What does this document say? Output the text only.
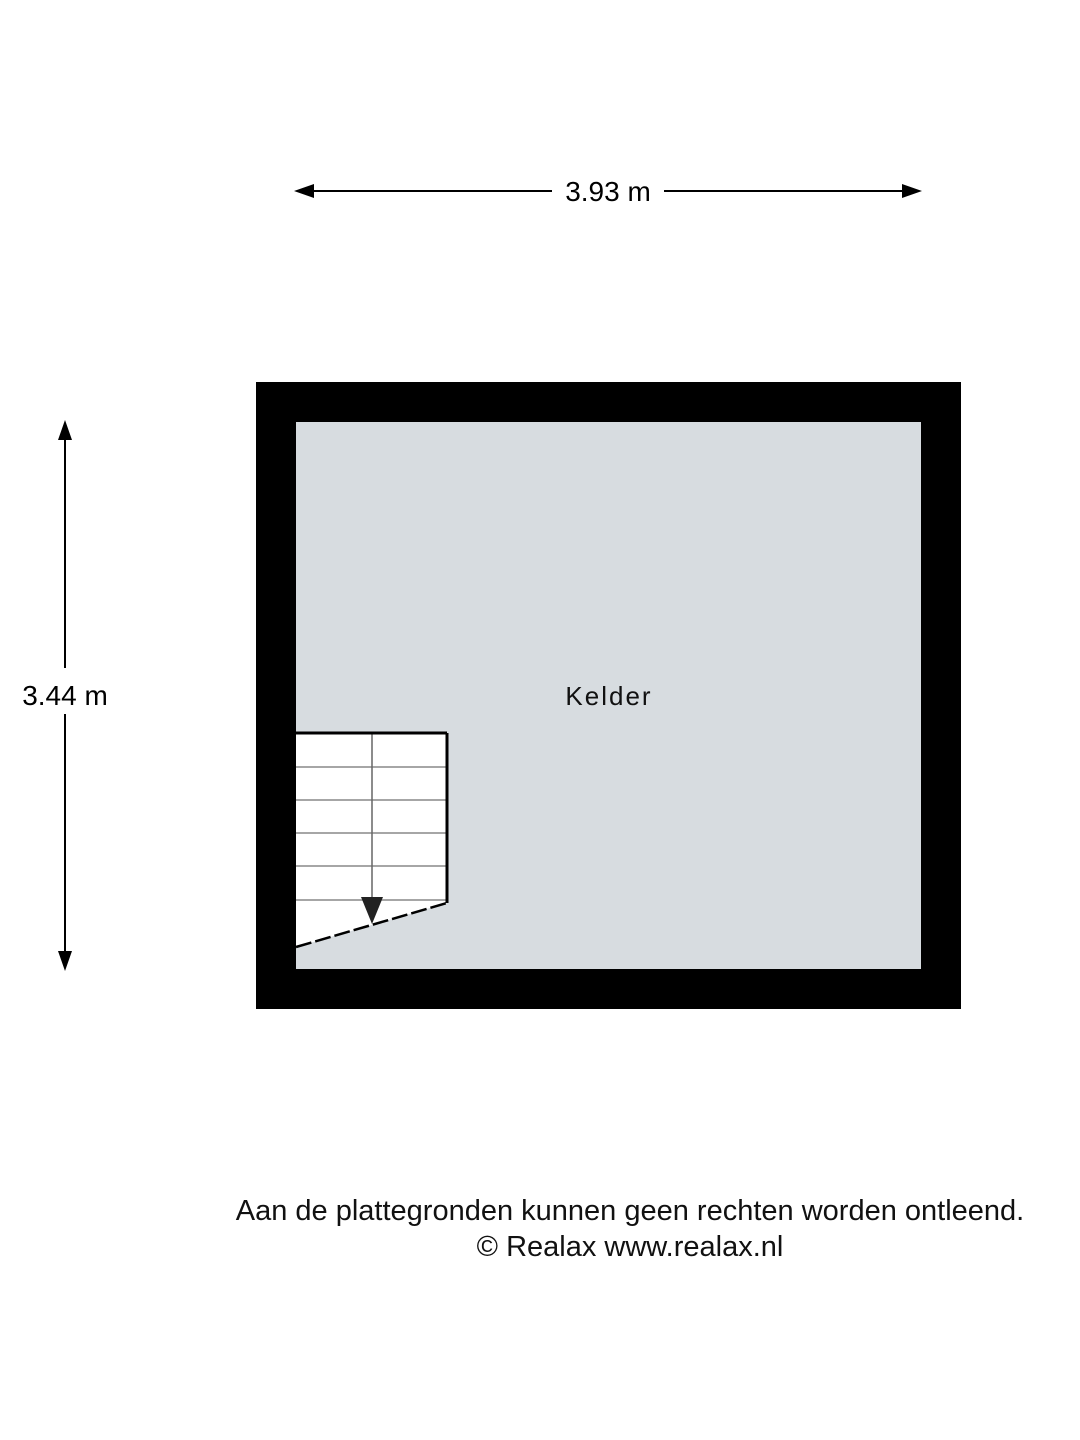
3.93 m
3.44 m	Kelder
Aan de plattegronden kunnen geen rechten worden ontleend.
© Realax www.realax.nl
